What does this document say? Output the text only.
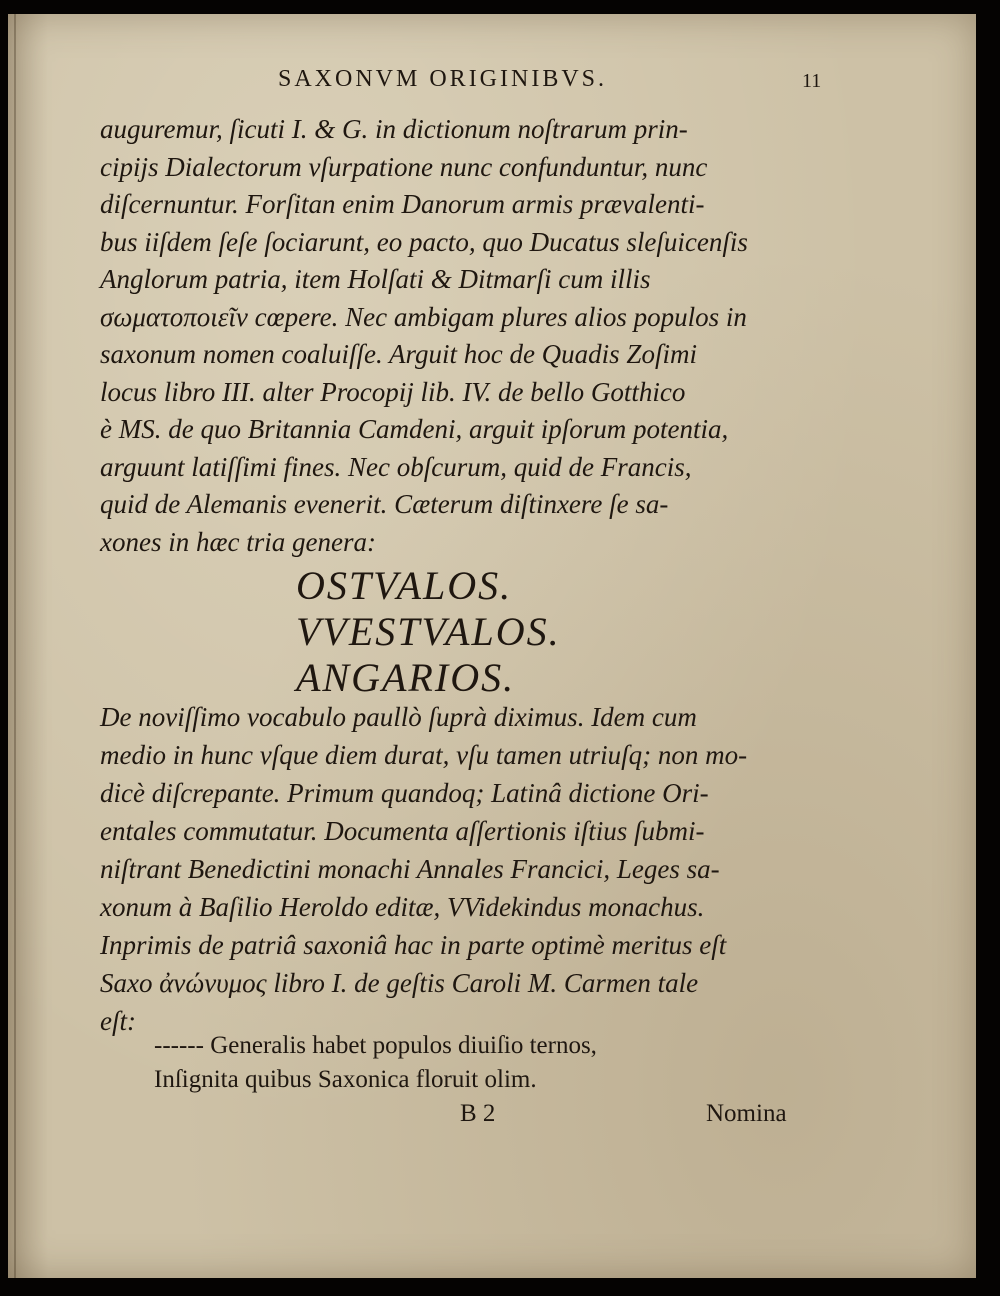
SAXONVM ORIGINIBVS.	11
auguremur, ſicuti I. & G. in dictionum noſtrarum prin-
cipijs Dialectorum vſurpatione nunc confunduntur, nunc
diſcernuntur. Forſitan enim Danorum armis prævalenti-
bus iiſdem ſeſe ſociarunt, eo pacto, quo Ducatus sleſuicenſis
Anglorum patria, item Holſati & Ditmarſi cum illis
σωματοποιεῖν cœpere. Nec ambigam plures alios populos in
saxonum nomen coaluiſſe. Arguit hoc de Quadis Zoſimi
locus libro III. alter Procopij lib. IV. de bello Gotthico
è MS. de quo Britannia Camdeni, arguit ipſorum potentia,
arguunt latiſſimi fines. Nec obſcurum, quid de Francis,
quid de Alemanis evenerit. Cæterum diſtinxere ſe sa-
xones in hæc tria genera:
OSTVALOS.
VVESTVALOS.
ANGARIOS.
De noviſſimo vocabulo paullò ſuprà diximus. Idem cum
medio in hunc vſque diem durat, vſu tamen utriuſq; non mo-
dicè diſcrepante. Primum quandoq; Latinâ dictione Ori-
entales commutatur. Documenta aſſertionis iſtius ſubmi-
niſtrant Benedictini monachi Annales Francici, Leges sa-
xonum à Baſilio Heroldo editæ, VVidekindus monachus.
Inprimis de patriâ saxoniâ hac in parte optimè meritus eſt
Saxo ἀνώνυμος libro I. de geſtis Caroli M. Carmen tale
eſt:
------ Generalis habet populos diuiſio ternos,
Inſignita quibus Saxonica floruit olim.
B 2	Nomina
